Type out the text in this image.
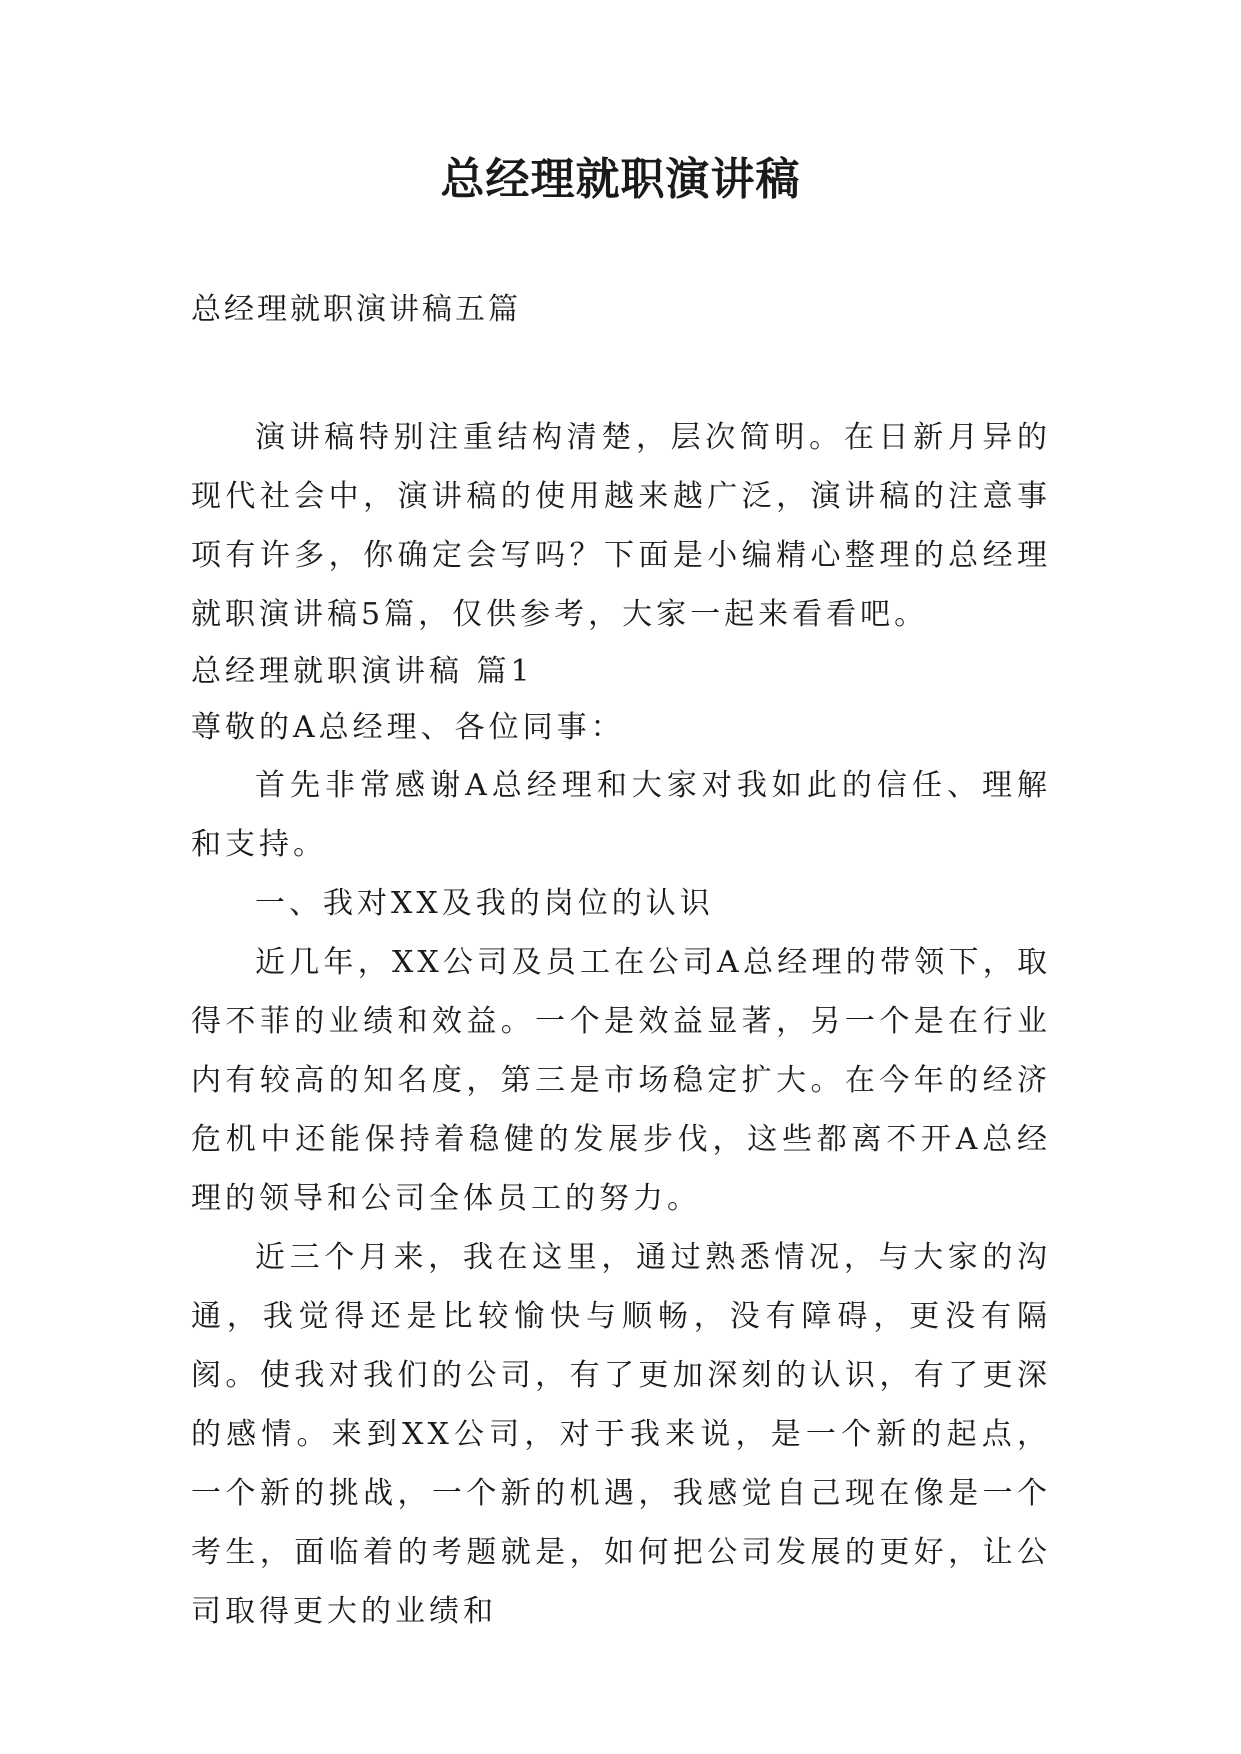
总经理就职演讲稿
总经理就职演讲稿五篇

演讲稿特别注重结构清楚，层次简明。在日新月异的现代社会中，演讲稿的使用越来越广泛，演讲稿的注意事项有许多，你确定会写吗？下面是小编精心整理的总经理就职演讲稿5篇，仅供参考，大家一起来看看吧。

总经理就职演讲稿 篇1

尊敬的A总经理、各位同事：

首先非常感谢A总经理和大家对我如此的信任、理解和支持。

一、我对XX及我的岗位的认识

近几年，XX公司及员工在公司A总经理的带领下，取得不菲的业绩和效益。一个是效益显著，另一个是在行业内有较高的知名度，第三是市场稳定扩大。在今年的经济危机中还能保持着稳健的发展步伐，这些都离不开A总经理的领导和公司全体员工的努力。

近三个月来，我在这里，通过熟悉情况，与大家的沟通，我觉得还是比较愉快与顺畅，没有障碍，更没有隔阂。使我对我们的公司，有了更加深刻的认识，有了更深的感情。来到XX公司，对于我来说，是一个新的起点，一个新的挑战，一个新的机遇，我感觉自己现在像是一个考生，面临着的考题就是，如何把公司发展的更好，让公司取得更大的业绩和
